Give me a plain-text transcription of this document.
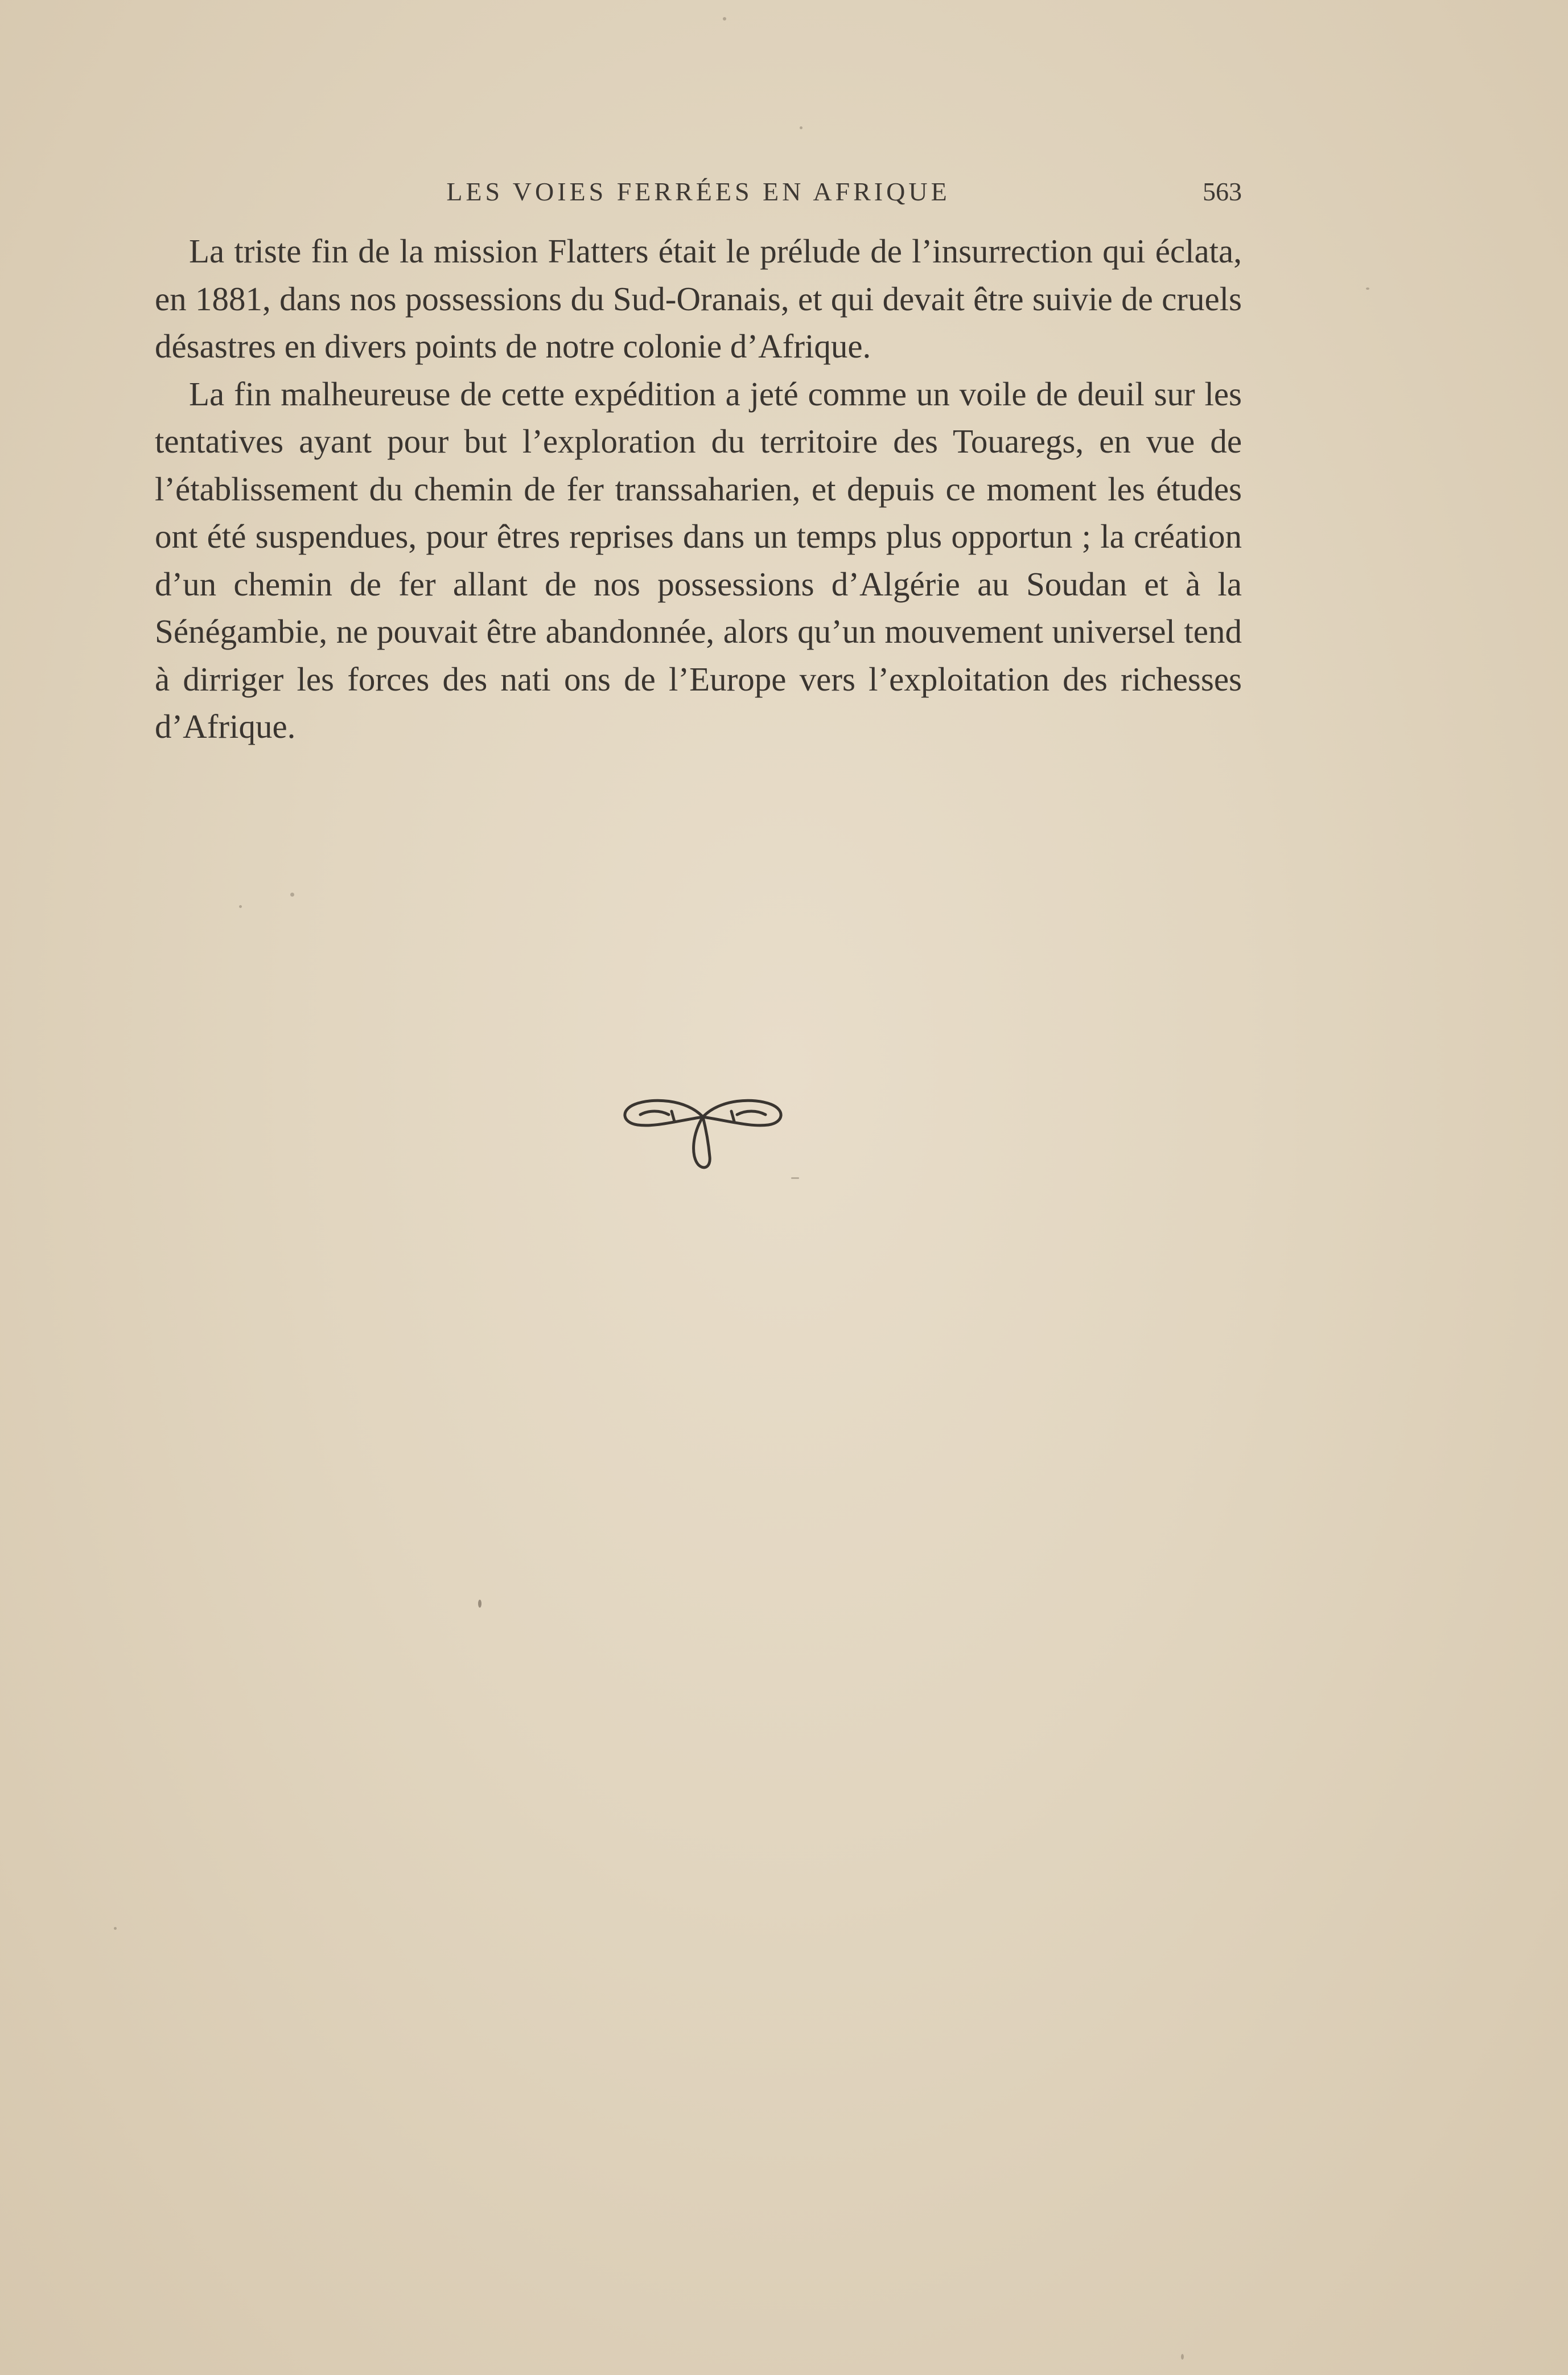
LES VOIES FERRÉES EN AFRIQUE	563

La triste fin de la mission Flatters était le prélude de l’insurrection qui éclata, en 1881, dans nos possessions du Sud-Oranais, et qui devait être suivie de cruels désastres en divers points de notre colonie d’Afrique.

La fin malheureuse de cette expédition a jeté comme un voile de deuil sur les tentatives ayant pour but l’exploration du territoire des Touaregs, en vue de l’établissement du chemin de fer transsaharien, et depuis ce moment les études ont été suspendues, pour êtres reprises dans un temps plus opportun ; la création d’un chemin de fer allant de nos possessions d’Algérie au Soudan et à la Sénégambie, ne pouvait être abandonnée, alors qu’un mouvement universel tend à dirriger les forces des nati ons de l’Europe vers l’exploitation des richesses d’Afrique.
